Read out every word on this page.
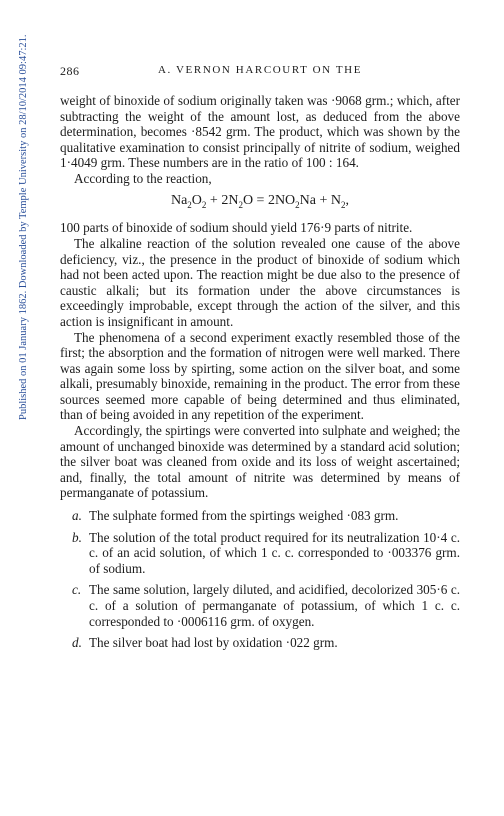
Published on 01 January 1862. Downloaded by Temple University on 28/10/2014 09:47:21.	286	A. VERNON HARCOURT ON THE

weight of binoxide of sodium originally taken was ·9068 grm.; which, after subtracting the weight of the amount lost, as deduced from the above determination, becomes ·8542 grm. The product, which was shown by the qualitative examination to consist principally of nitrite of sodium, weighed 1·4049 grm. These numbers are in the ratio of 100 : 164.

According to the reaction,

$Na_2O_2 + 2N_2O = 2NO_2Na + N_2$,

100 parts of binoxide of sodium should yield 176·9 parts of nitrite.

The alkaline reaction of the solution revealed one cause of the above deficiency, viz., the presence in the product of binoxide of sodium which had not been acted upon. The reaction might be due also to the presence of caustic alkali; but its formation under the above circumstances is exceedingly improbable, except through the action of the silver, and this action is insignificant in amount.

The phenomena of a second experiment exactly resembled those of the first; the absorption and the formation of nitrogen were well marked. There was again some loss by spirting, some action on the silver boat, and some alkali, presumably binoxide, remaining in the product. The error from these sources seemed more capable of being determined and thus eliminated, than of being avoided in any repetition of the experiment.

Accordingly, the spirtings were converted into sulphate and weighed; the amount of unchanged binoxide was determined by a standard acid solution; the silver boat was cleaned from oxide and its loss of weight ascertained; and, finally, the total amount of nitrite was determined by means of permanganate of potassium.

a. The sulphate formed from the spirtings weighed ·083 grm.
b. The solution of the total product required for its neutralization 10·4 c. c. of an acid solution, of which 1 c. c. corresponded to ·003376 grm. of sodium.
c. The same solution, largely diluted, and acidified, decolorized 305·6 c. c. of a solution of permanganate of potassium, of which 1 c. c. corresponded to ·0006116 grm. of oxygen.
d. The silver boat had lost by oxidation ·022 grm.
